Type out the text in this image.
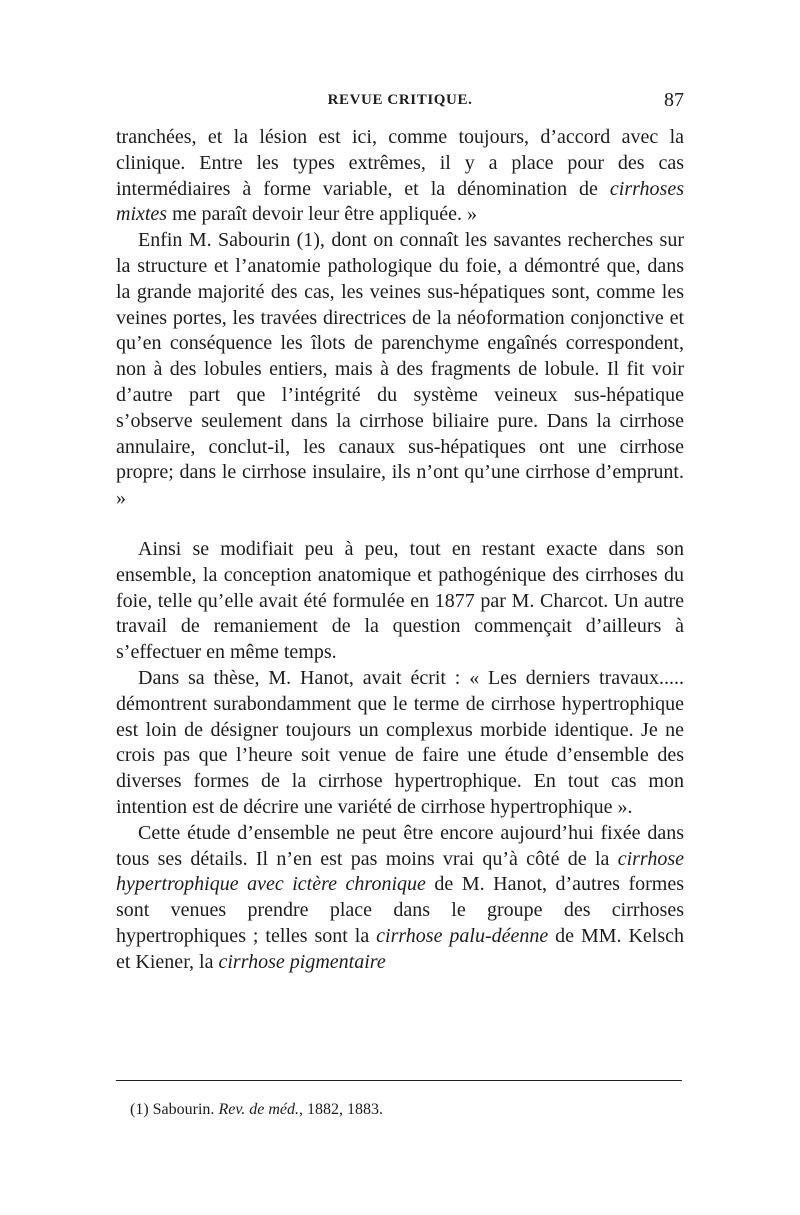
REVUE CRITIQUE.	87

tranchées, et la lésion est ici, comme toujours, d’accord avec la clinique. Entre les types extrêmes, il y a place pour des cas intermédiaires à forme variable, et la dénomination de cirrhoses mixtes me paraît devoir leur être appliquée. »

Enfin M. Sabourin (1), dont on connaît les savantes recherches sur la structure et l’anatomie pathologique du foie, a démontré que, dans la grande majorité des cas, les veines sus-hépatiques sont, comme les veines portes, les travées directrices de la néoformation conjonctive et qu’en conséquence les îlots de parenchyme engaînés correspondent, non à des lobules entiers, mais à des fragments de lobule. Il fit voir d’autre part que l’intégrité du système veineux sus-hépatique s’observe seulement dans la cirrhose biliaire pure. Dans la cirrhose annulaire, conclut-il, les canaux sus-hépatiques ont une cirrhose propre; dans le cirrhose insulaire, ils n’ont qu’une cirrhose d’emprunt. »

Ainsi se modifiait peu à peu, tout en restant exacte dans son ensemble, la conception anatomique et pathogénique des cirrhoses du foie, telle qu’elle avait été formulée en 1877 par M. Charcot. Un autre travail de remaniement de la question commençait d’ailleurs à s’effectuer en même temps.

Dans sa thèse, M. Hanot, avait écrit : « Les derniers travaux..... démontrent surabondamment que le terme de cirrhose hypertrophique est loin de désigner toujours un complexus morbide identique. Je ne crois pas que l’heure soit venue de faire une étude d’ensemble des diverses formes de la cirrhose hypertrophique. En tout cas mon intention est de décrire une variété de cirrhose hypertrophique ».

Cette étude d’ensemble ne peut être encore aujourd’hui fixée dans tous ses détails. Il n’en est pas moins vrai qu’à côté de la cirrhose hypertrophique avec ictère chronique de M. Hanot, d’autres formes sont venues prendre place dans le groupe des cirrhoses hypertrophiques ; telles sont la cirrhose palu-déenne de MM. Kelsch et Kiener, la cirrhose pigmentaire

(1) Sabourin. Rev. de méd., 1882, 1883.
